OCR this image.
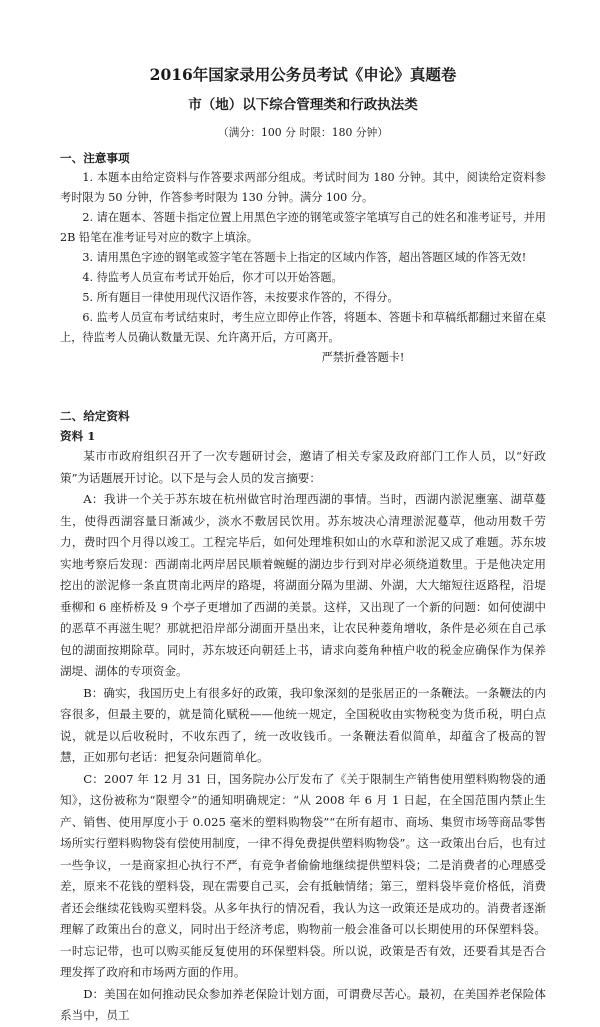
2016年国家录用公务员考试《申论》真题卷
市（地）以下综合管理类和行政执法类
（满分：100 分 时限：180 分钟）
一、注意事项

1. 本题本由给定资料与作答要求两部分组成。考试时间为 180 分钟。其中，阅读给定资料参考时限为 50 分钟，作答参考时限为 130 分钟。满分 100 分。

2. 请在题本、答题卡指定位置上用黑色字迹的钢笔或签字笔填写自己的姓名和准考证号，并用 2B 铅笔在准考证号对应的数字上填涂。

3. 请用黑色字迹的钢笔或签字笔在答题卡上指定的区域内作答，超出答题区域的作答无效!

4. 待监考人员宣布考试开始后，你才可以开始答题。

5. 所有题目一律使用现代汉语作答，未按要求作答的，不得分。

6. 监考人员宣布考试结束时，考生应立即停止作答，将题本、答题卡和草稿纸都翻过来留在桌上，待监考人员确认数量无误、允许离开后，方可离开。

严禁折叠答题卡!
二、给定资料
资料 1

某市市政府组织召开了一次专题研讨会，邀请了相关专家及政府部门工作人员，以“好政策”为话题展开讨论。以下是与会人员的发言摘要：

A：我讲一个关于苏东坡在杭州做官时治理西湖的事情。当时，西湖内淤泥壅塞、湖草蔓生，使得西湖容量日渐减少，淡水不敷居民饮用。苏东坡决心清理淤泥蔓草，他动用数千劳力，费时四个月得以竣工。工程完毕后，如何处理堆积如山的水草和淤泥又成了难题。苏东坡实地考察后发现：西湖南北两岸居民顺着蜿蜒的湖边步行到对岸必须绕道数里。于是他决定用挖出的淤泥修一条直贯南北两岸的路堤，将湖面分隔为里湖、外湖，大大缩短往返路程，沿堤垂柳和 6 座桥桥及 9 个亭子更增加了西湖的美景。这样，又出现了一个新的问题：如何使湖中的恶草不再滋生呢？那就把沿岸部分湖面开垦出来，让农民种菱角增收，条件是必须在自己承包的湖面按期除草。同时，苏东坡还向朝廷上书，请求向菱角种植户收的税金应确保作为保养湖堤、湖体的专项资金。

B：确实，我国历史上有很多好的政策，我印象深刻的是张居正的一条鞭法。一条鞭法的内容很多，但最主要的，就是简化赋税——他统一规定，全国税收由实物税变为货币税，明白点说，就是以后收税时，不收东西了，统一改收钱币。一条鞭法看似简单，却蕴含了极高的智慧，正如那句老话：把复杂问题简单化。

C：2007 年 12 月 31 日，国务院办公厅发布了《关于限制生产销售使用塑料购物袋的通知》，这份被称为“限塑令”的通知明确规定：“从 2008 年 6 月 1 日起，在全国范围内禁止生产、销售、使用厚度小于 0.025 毫米的塑料购物袋”“在所有超市、商场、集贸市场等商品零售场所实行塑料购物袋有偿使用制度，一律不得免费提供塑料购物袋”。这一政策出台后，也有过一些争议，一是商家担心执行不严，有竞争者偷偷地继续提供塑料袋；二是消费者的心理感受差，原来不花钱的塑料袋，现在需要自己买，会有抵触情绪；第三，塑料袋毕竟价格低，消费者还会继续花钱购买塑料袋。从多年执行的情况看，我认为这一政策还是成功的。消费者逐渐理解了政策出台的意义，同时出于经济考虑，购物前一般会准备可以长期使用的环保塑料袋。一时忘记带，也可以购买能反复使用的环保塑料袋。所以说，政策是否有效，还要看其是否合理发挥了政府和市场两方面的作用。

D：美国在如何推动民众参加养老保险计划方面，可谓费尽苦心。最初，在美国养老保险体系当中，员工
